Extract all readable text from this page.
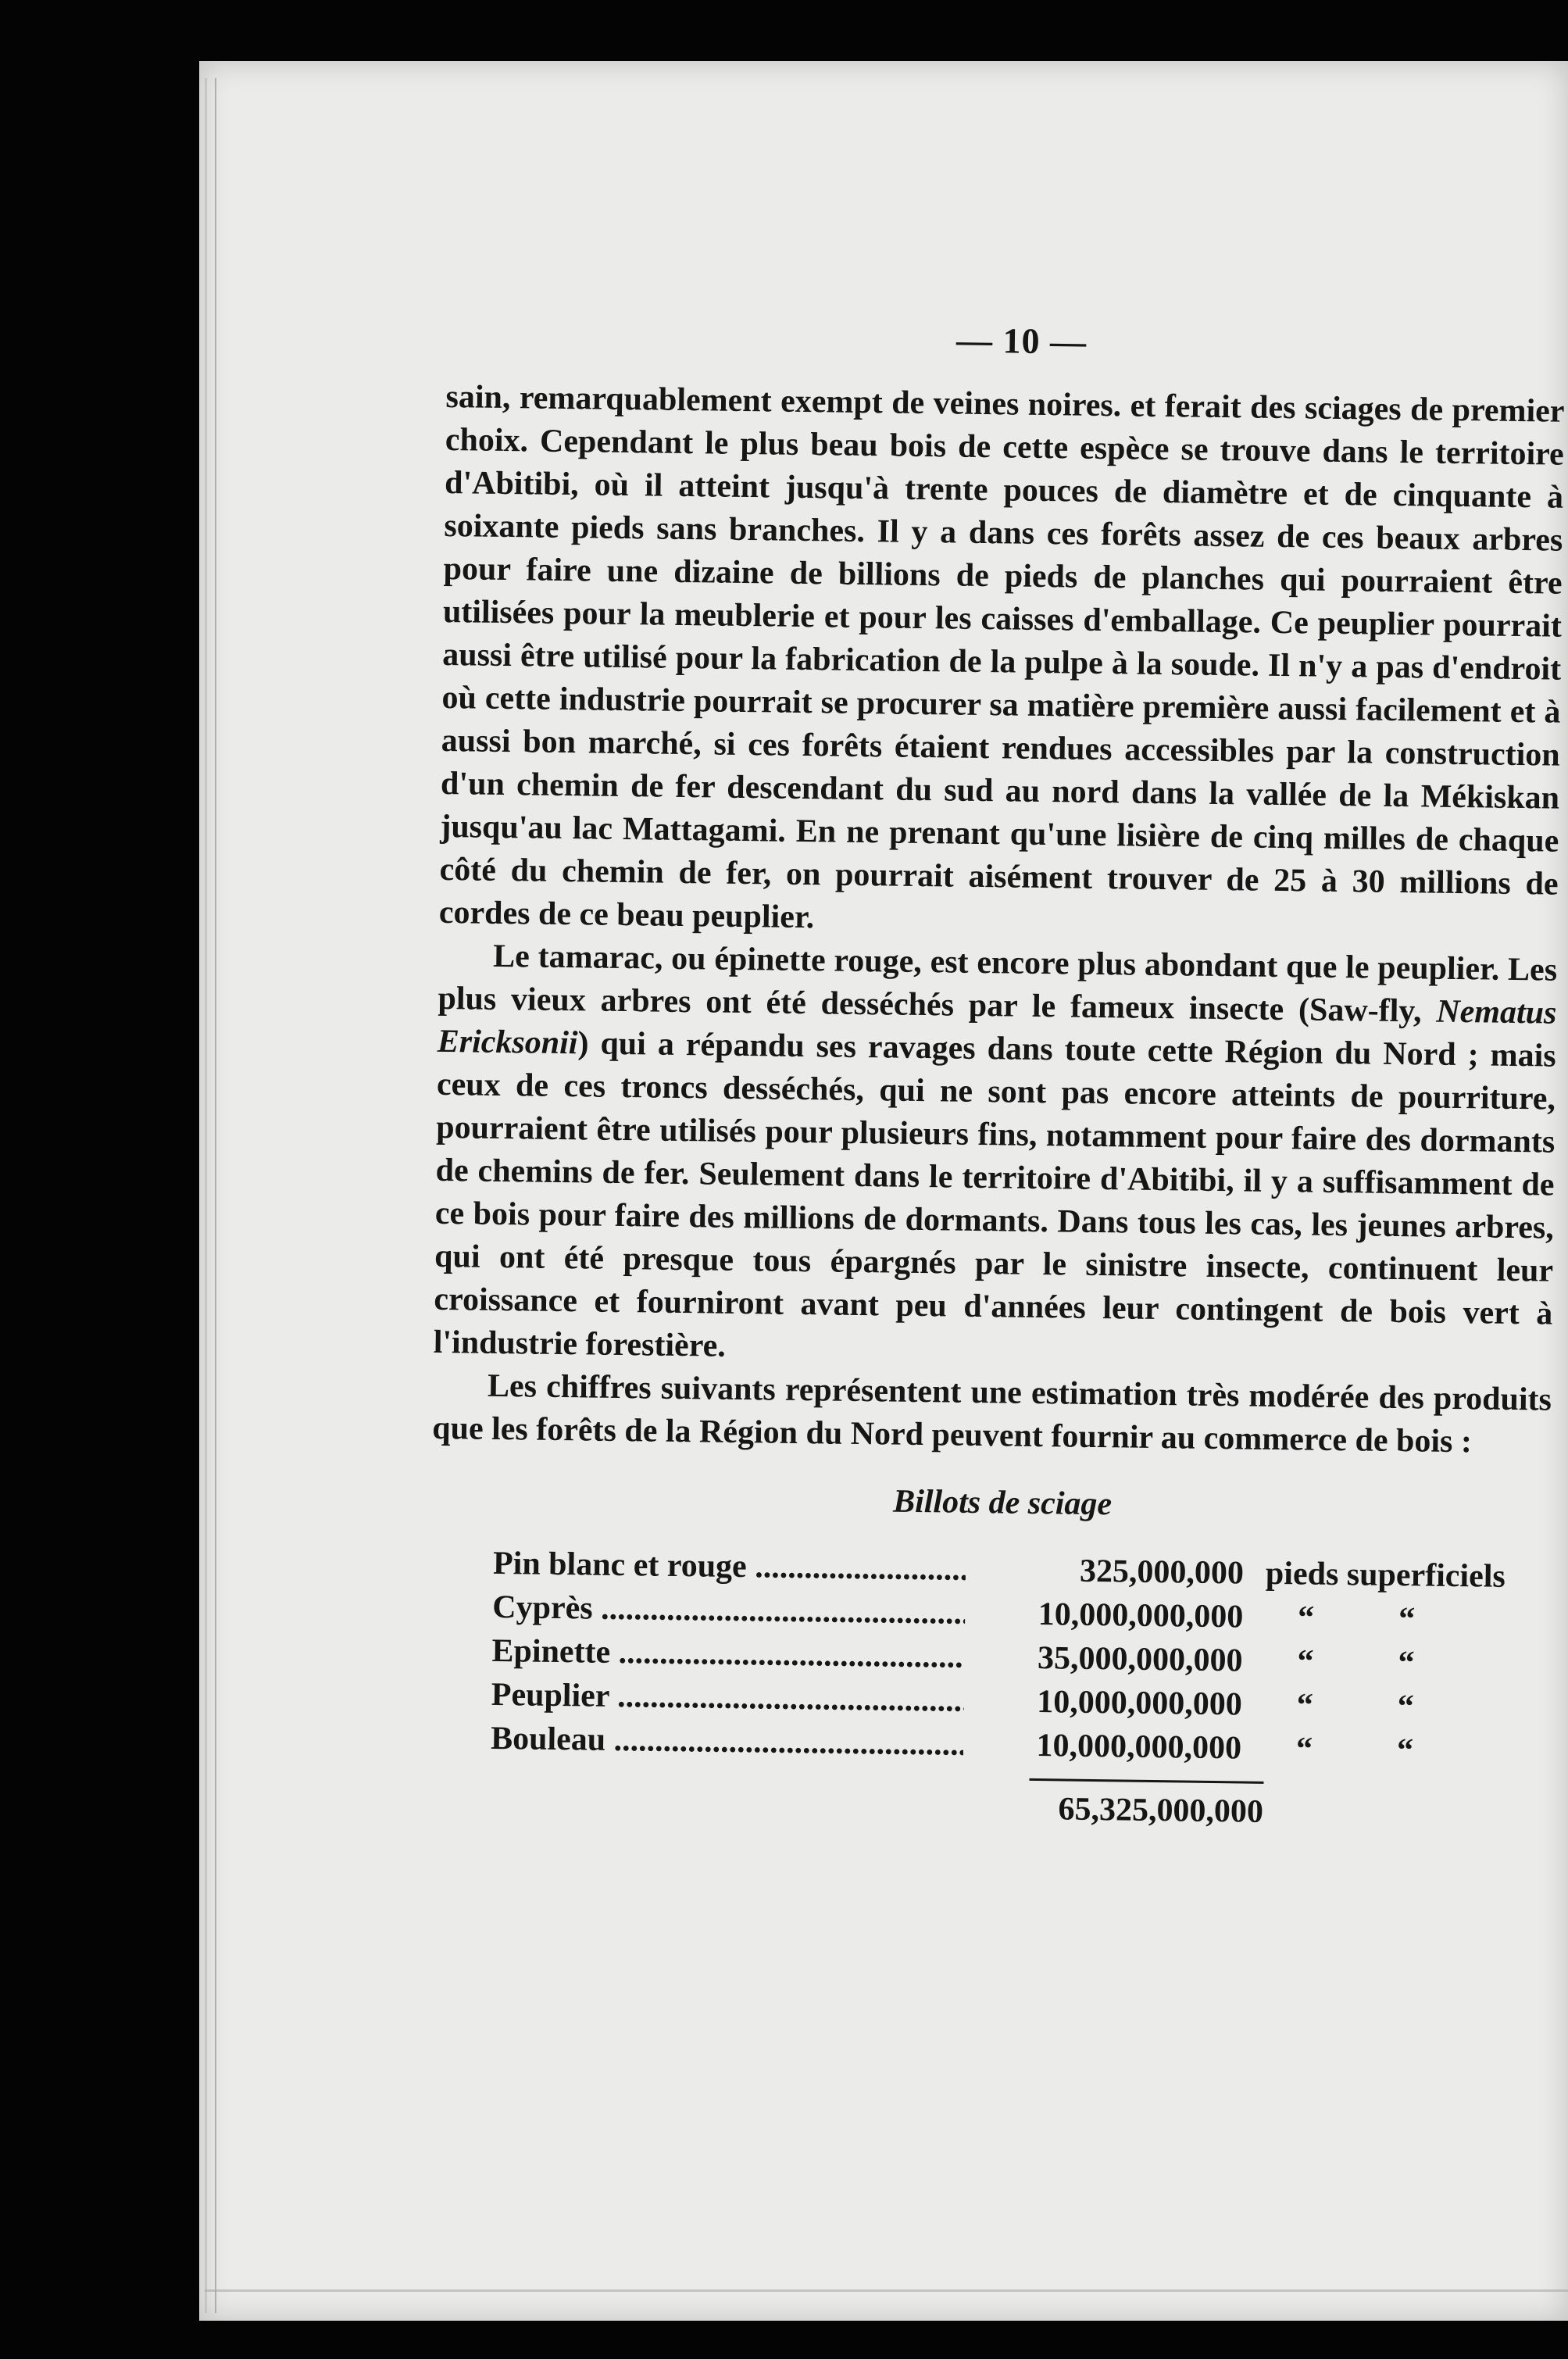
— 10 —

sain, remarquablement exempt de veines noires. et ferait des sciages de premier choix. Cependant le plus beau bois de cette espèce se trouve dans le territoire d'Abitibi, où il atteint jusqu'à trente pouces de diamètre et de cinquante à soixante pieds sans branches. Il y a dans ces forêts assez de ces beaux arbres pour faire une dizaine de billions de pieds de planches qui pourraient être utilisées pour la meublerie et pour les caisses d'emballage. Ce peuplier pourrait aussi être utilisé pour la fabrication de la pulpe à la soude. Il n'y a pas d'endroit où cette industrie pourrait se procurer sa matière première aussi facilement et à aussi bon marché, si ces forêts étaient rendues accessibles par la construction d'un chemin de fer descendant du sud au nord dans la vallée de la Mékiskan jusqu'au lac Mattagami. En ne prenant qu'une lisière de cinq milles de chaque côté du chemin de fer, on pourrait aisément trouver de 25 à 30 millions de cordes de ce beau peuplier.

Le tamarac, ou épinette rouge, est encore plus abondant que le peuplier. Les plus vieux arbres ont été desséchés par le fameux insecte (Saw-fly, Nematus Ericksonii) qui a répandu ses ravages dans toute cette Région du Nord ; mais ceux de ces troncs desséchés, qui ne sont pas encore atteints de pourriture, pourraient être utilisés pour plusieurs fins, notamment pour faire des dormants de chemins de fer. Seulement dans le territoire d'Abitibi, il y a suffisamment de ce bois pour faire des millions de dormants. Dans tous les cas, les jeunes arbres, qui ont été presque tous épargnés par le sinistre insecte, continuent leur croissance et fourniront avant peu d'années leur contingent de bois vert à l'industrie forestière.

Les chiffres suivants représentent une estimation très modérée des produits que les forêts de la Région du Nord peuvent fournir au commerce de bois :

Billots de sciage
Pin blanc et rouge .....	325,000,000 pieds superficiels
Cyprès .....	10,000,000,000 “	“
Epinette .....	35,000,000,000 “	“
Peuplier .....	10,000,000,000 “	“
Bouleau .....	10,000,000,000 “	“
65,325,000,000
